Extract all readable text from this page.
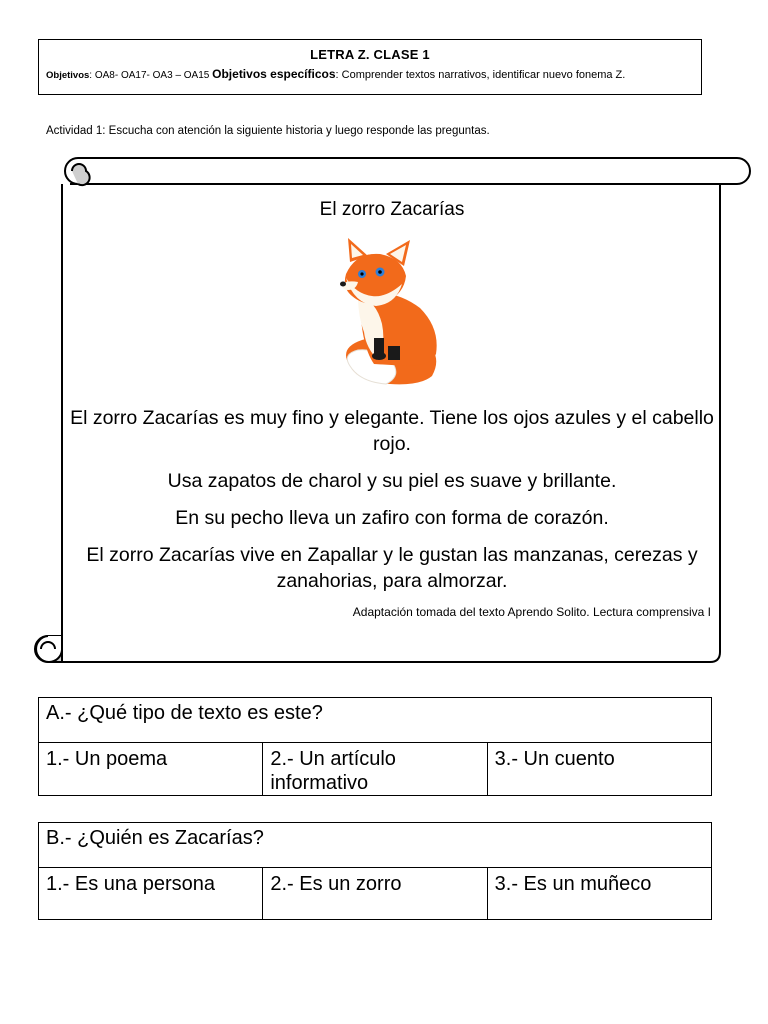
LETRA Z. CLASE 1
Objetivos: OA8- OA17- OA3 – OA15 Objetivos específicos: Comprender textos narrativos, identificar nuevo fonema Z.
Actividad 1: Escucha con atención la siguiente historia y luego responde las preguntas.
El zorro Zacarías
El zorro Zacarías es muy fino y elegante. Tiene los ojos azules y el cabello rojo.
Usa zapatos de charol y su piel es suave y brillante.
En su pecho lleva un zafiro con forma de corazón.
El zorro Zacarías vive en Zapallar y le gustan las manzanas, cerezas y zanahorias, para almorzar.
Adaptación tomada del texto Aprendo Solito. Lectura comprensiva I
A.- ¿Qué tipo de texto es este?
1.- Un poema	2.- Un artículo informativo	3.- Un cuento
B.- ¿Quién es Zacarías?
1.- Es una persona	2.- Es un zorro	3.- Es un muñeco
